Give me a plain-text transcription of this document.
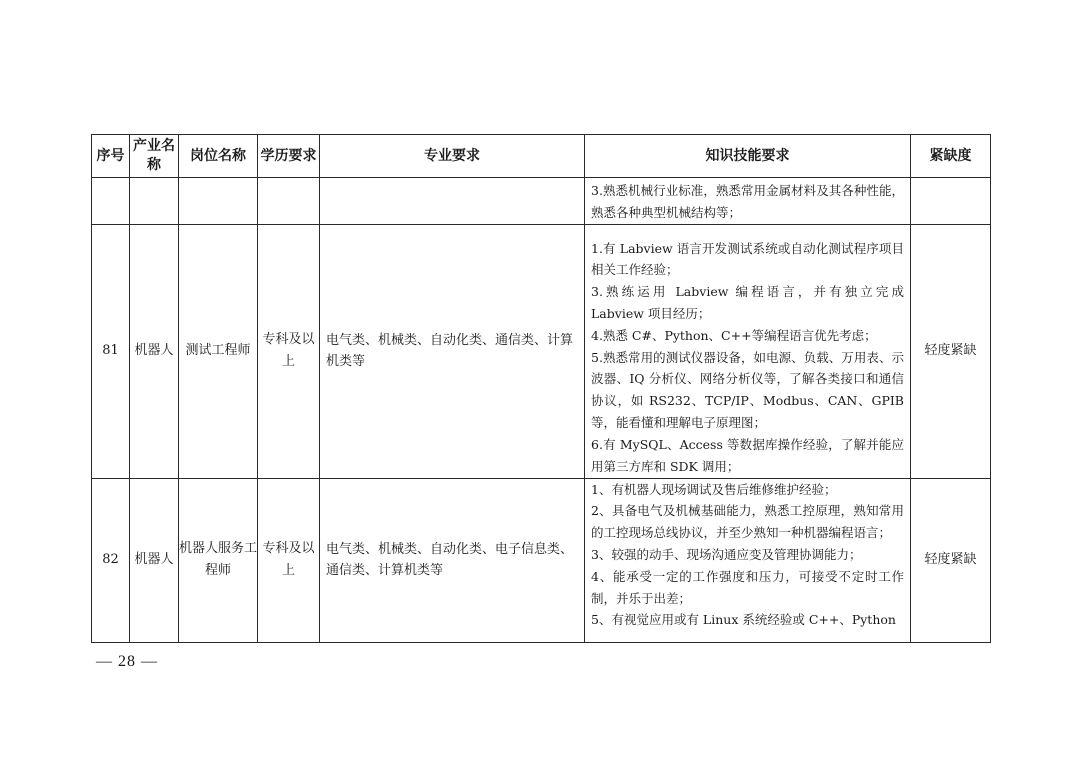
序号	产业名称	岗位名称	学历要求	专业要求	知识技能要求	紧缺度

					3.熟悉机械行业标准，熟悉常用金属材料及其各种性能，熟悉各种典型机械结构等；	

81	机器人	测试工程师	专科及以上	电气类、机械类、自动化类、通信类、计算机类等	1.有 Labview 语言开发测试系统或自动化测试程序项目相关工作经验；
3.熟练运用 Labview 编程语言，并有独立完成 Labview 项目经历；
4.熟悉 C#、Python、C++等编程语言优先考虑；
5.熟悉常用的测试仪器设备，如电源、负载、万用表、示波器、IQ 分析仪、网络分析仪等，了解各类接口和通信协议，如 RS232、TCP/IP、Modbus、CAN、GPIB 等，能看懂和理解电子原理图；
6.有 MySQL、Access 等数据库操作经验，了解并能应用第三方库和 SDK 调用；	轻度紧缺
82	机器人	机器人服务工程师	专科及以上	电气类、机械类、自动化类、电子信息类、通信类、计算机类等	1、有机器人现场调试及售后维修维护经验；
2、具备电气及机械基础能力，熟悉工控原理，熟知常用的工控现场总线协议，并至少熟知一种机器编程语言；
3、较强的动手、现场沟通应变及管理协调能力；
4、能承受一定的工作强度和压力，可接受不定时工作制，并乐于出差；
5、有视觉应用或有 Linux 系统经验或 C++、Python	轻度紧缺
— 28 —
